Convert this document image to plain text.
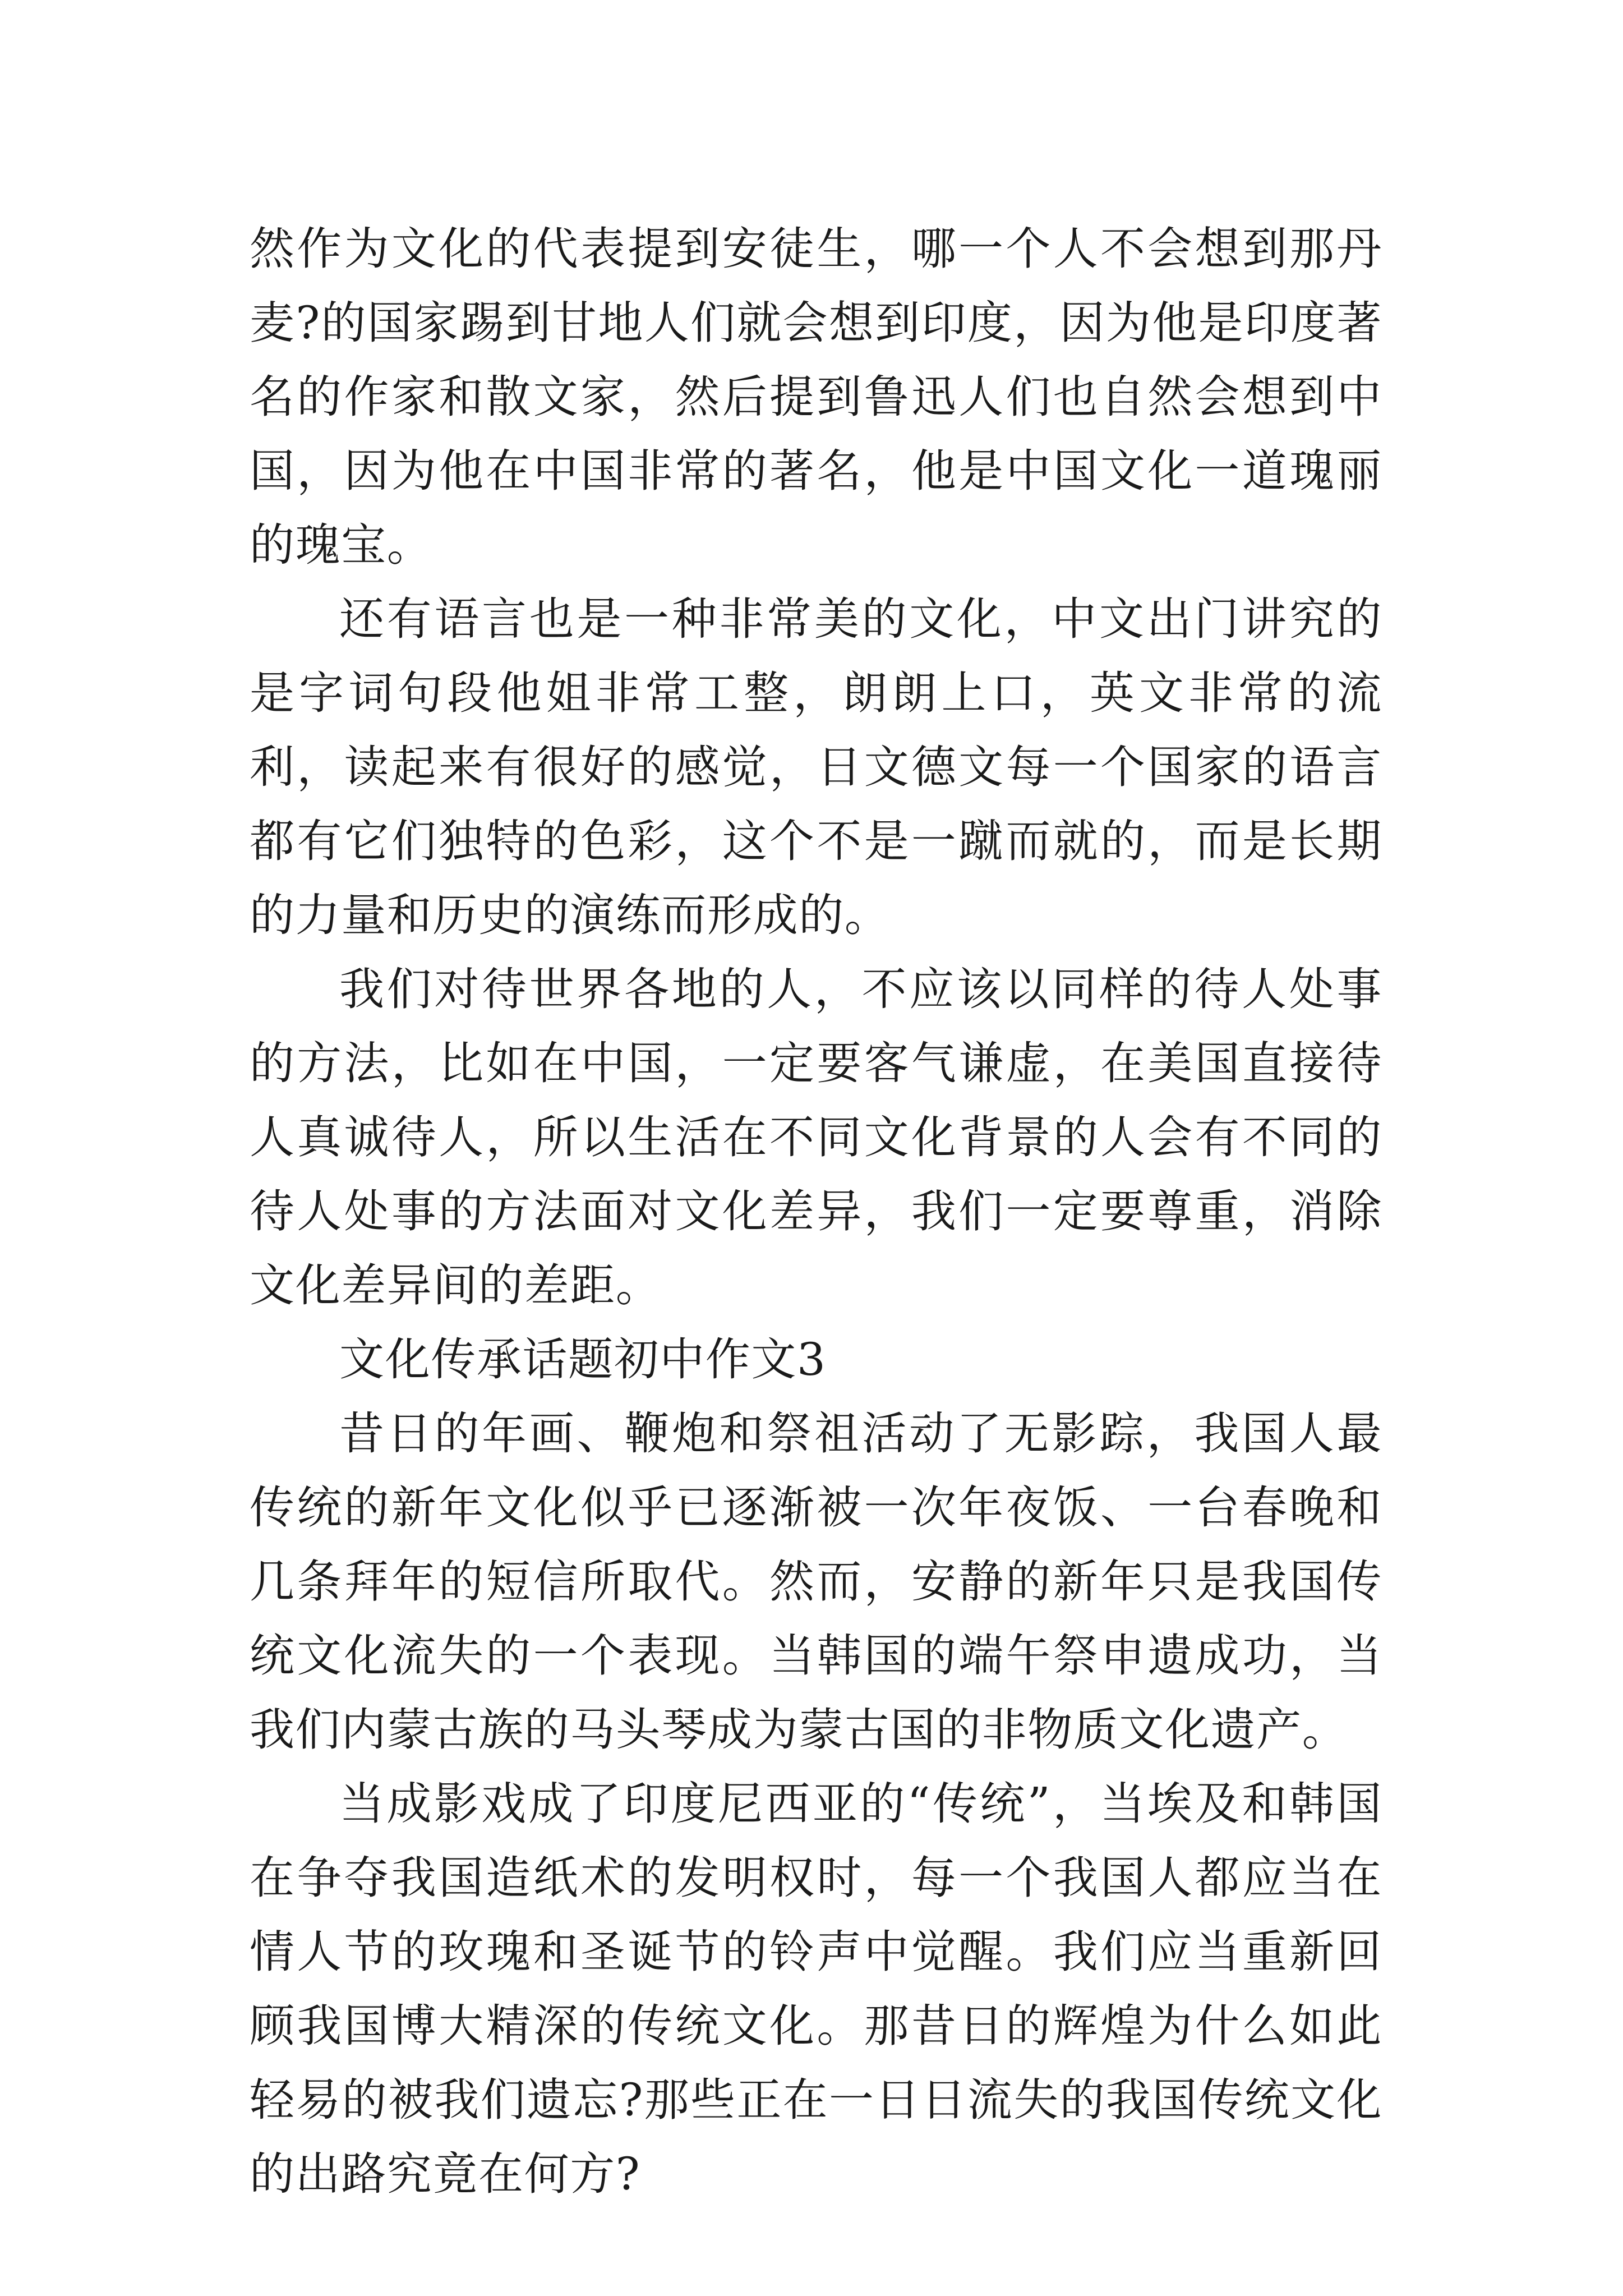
然作为文化的代表提到安徒生，哪一个人不会想到那丹麦?的国家踢到甘地人们就会想到印度，因为他是印度著名的作家和散文家，然后提到鲁迅人们也自然会想到中国，因为他在中国非常的著名，他是中国文化一道瑰丽的瑰宝。

还有语言也是一种非常美的文化，中文出门讲究的是字词句段他姐非常工整，朗朗上口，英文非常的流利，读起来有很好的感觉，日文德文每一个国家的语言都有它们独特的色彩，这个不是一蹴而就的，而是长期的力量和历史的演练而形成的。

我们对待世界各地的人，不应该以同样的待人处事的方法，比如在中国，一定要客气谦虚，在美国直接待人真诚待人，所以生活在不同文化背景的人会有不同的待人处事的方法面对文化差异，我们一定要尊重，消除文化差异间的差距。

文化传承话题初中作文3

昔日的年画、鞭炮和祭祖活动了无影踪，我国人最传统的新年文化似乎已逐渐被一次年夜饭、一台春晚和几条拜年的短信所取代。然而，安静的新年只是我国传统文化流失的一个表现。当韩国的端午祭申遗成功，当我们内蒙古族的马头琴成为蒙古国的非物质文化遗产。

当成影戏成了印度尼西亚的“传统”，当埃及和韩国在争夺我国造纸术的发明权时，每一个我国人都应当在情人节的玫瑰和圣诞节的铃声中觉醒。我们应当重新回顾我国博大精深的传统文化。那昔日的辉煌为什么如此轻易的被我们遗忘?那些正在一日日流失的我国传统文化的出路究竟在何方?
